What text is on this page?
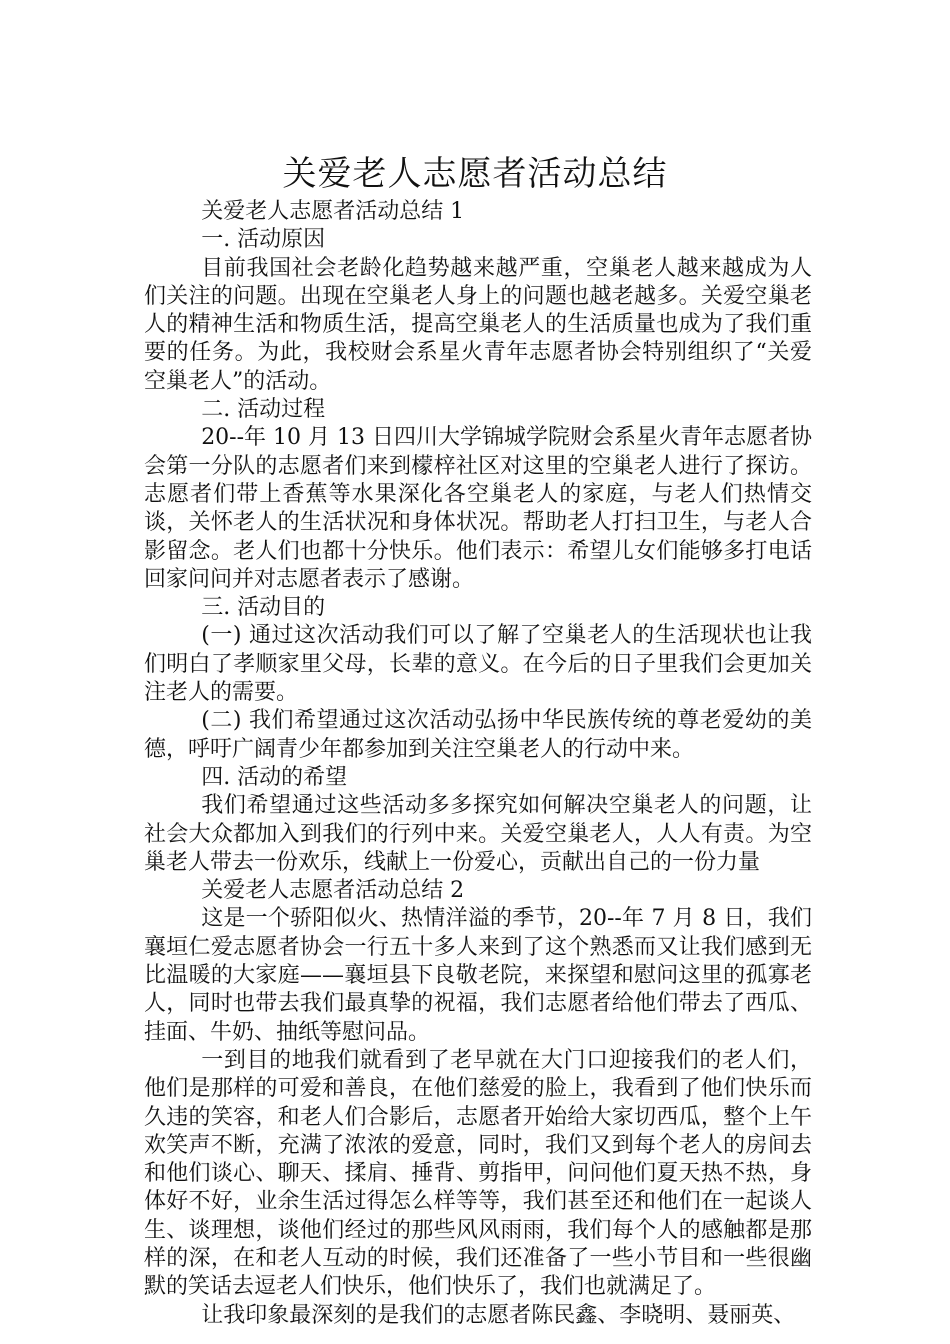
关爱老人志愿者活动总结

关爱老人志愿者活动总结 1

一. 活动原因

目前我国社会老龄化趋势越来越严重，空巢老人越来越成为人们关注的问题。出现在空巢老人身上的问题也越老越多。关爱空巢老人的精神生活和物质生活，提高空巢老人的生活质量也成为了我们重要的任务。为此，我校财会系星火青年志愿者协会特别组织了“关爱空巢老人”的活动。

二. 活动过程

20--年 10 月 13 日四川大学锦城学院财会系星火青年志愿者协会第一分队的志愿者们来到檬梓社区对这里的空巢老人进行了探访。志愿者们带上香蕉等水果深化各空巢老人的家庭，与老人们热情交谈，关怀老人的生活状况和身体状况。帮助老人打扫卫生，与老人合影留念。老人们也都十分快乐。他们表示：希望儿女们能够多打电话回家问问并对志愿者表示了感谢。

三. 活动目的

(一) 通过这次活动我们可以了解了空巢老人的生活现状也让我们明白了孝顺家里父母，长辈的意义。在今后的日子里我们会更加关注老人的需要。

(二) 我们希望通过这次活动弘扬中华民族传统的尊老爱幼的美德，呼吁广阔青少年都参加到关注空巢老人的行动中来。

四. 活动的希望

我们希望通过这些活动多多探究如何解决空巢老人的问题，让社会大众都加入到我们的行列中来。关爱空巢老人，人人有责。为空巢老人带去一份欢乐，线献上一份爱心，贡献出自己的一份力量

关爱老人志愿者活动总结 2

这是一个骄阳似火、热情洋溢的季节，20--年 7 月 8 日，我们襄垣仁爱志愿者协会一行五十多人来到了这个熟悉而又让我们感到无比温暖的大家庭——襄垣县下良敬老院，来探望和慰问这里的孤寡老人，同时也带去我们最真挚的祝福，我们志愿者给他们带去了西瓜、挂面、牛奶、抽纸等慰问品。

一到目的地我们就看到了老早就在大门口迎接我们的老人们，他们是那样的可爱和善良，在他们慈爱的脸上，我看到了他们快乐而久违的笑容，和老人们合影后，志愿者开始给大家切西瓜，整个上午欢笑声不断，充满了浓浓的爱意，同时，我们又到每个老人的房间去和他们谈心、聊天、揉肩、捶背、剪指甲，问问他们夏天热不热，身体好不好，业余生活过得怎么样等等，我们甚至还和他们在一起谈人生、谈理想，谈他们经过的那些风风雨雨，我们每个人的感触都是那样的深，在和老人互动的时候，我们还准备了一些小节目和一些很幽默的笑话去逗老人们快乐，他们快乐了，我们也就满足了。

让我印象最深刻的是我们的志愿者陈民鑫、李晓明、聂丽英、
